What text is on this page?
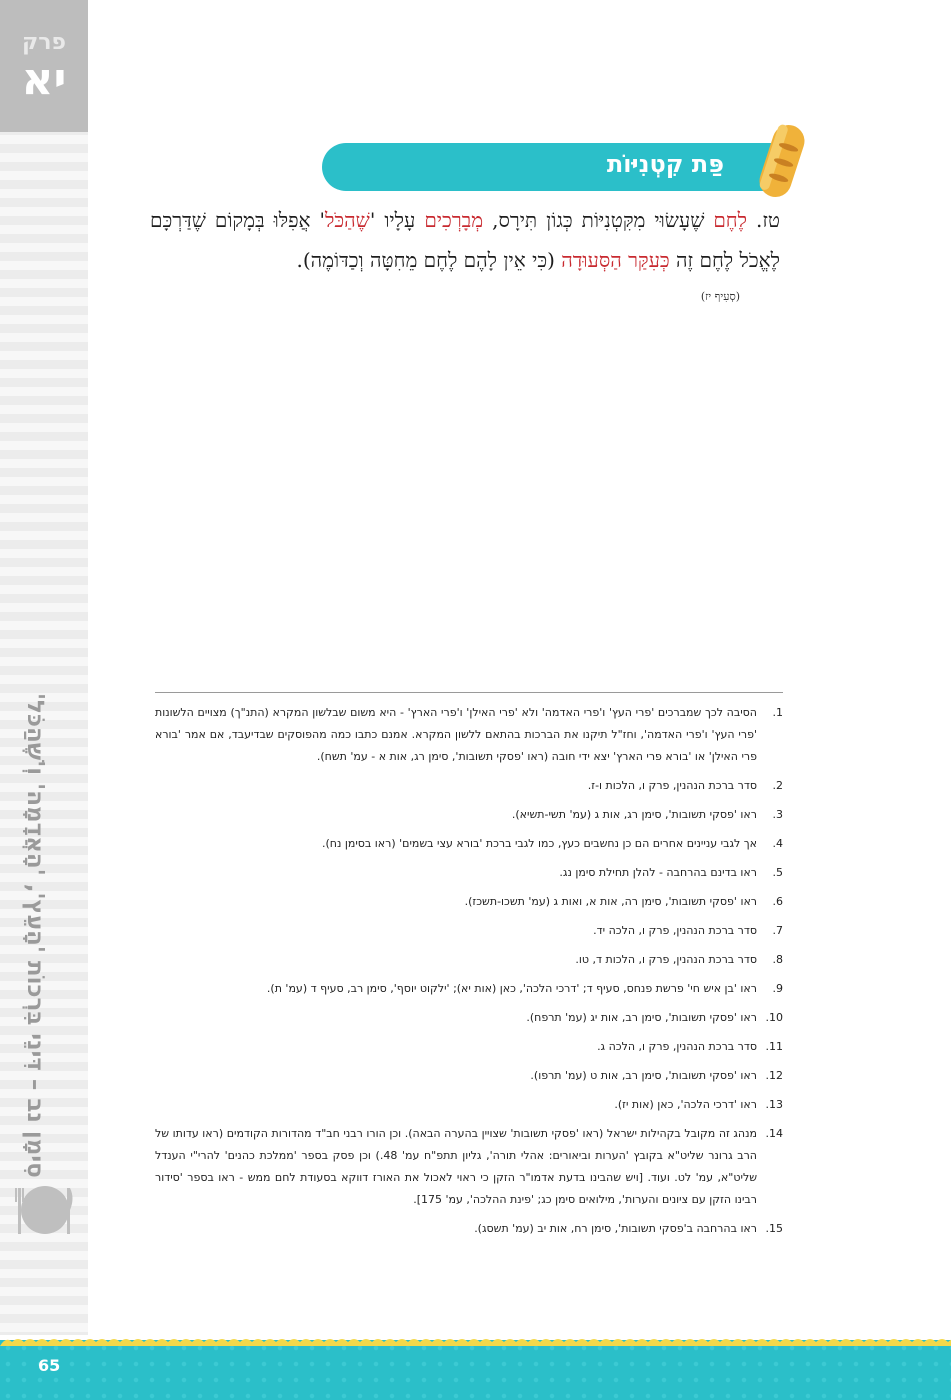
פרק
יא
סִימָן נב – דִּינֵי בִּרְכוֹת 'הָעֵץ', 'הָאֲדָמָה' וְ'שֶׁהַכֹּל'
פַּת קִטְנִיּוֹת
טז. לֶחֶם שֶׁעָשׂוּי מִקִּטְנִיּוֹת כְּגוֹן תִּירָס, מְבָרְכִים עָלָיו 'שֶׁהַכֹּל' אֲפִלּוּ בְּמָקוֹם שֶׁדַּרְכָּם לֶאֱכֹל לֶחֶם זֶה כְּעִקַּר הַסְּעוּדָה (כִּי אֵין לָהֶם לֶחֶם מֵחִטָּה וְכַדּוֹמֶה).
(סְעִיף יז)
1.
הסיבה לכך שמברכים 'פרי העץ' ו'פרי האדמה' ולא 'פרי האילן' ו'פרי הארץ' - היא משום שבלשון המקרא (התנ"ך) מצויים הלשונות 'פרי העץ' ו'פרי האדמה', וחז"ל תיקנו את הברכות בהתאם ללשון המקרא. אמנם כתבו כמה מהפוסקים שבדיעבד, אם אמר 'בורא פרי האילן' או 'בורא פרי הארץ' יצא ידי חובה (ראו 'פסקי תשובות', סימן רג, אות א - עמ' תשח).
2.
סדר ברכת הנהנין, פרק ו, הלכות ו-ז.
3.
ראו 'פסקי תשובות', סימן רג, אות ג (עמ' תשי-תשיא).
4.
אך לגבי עניינים אחרים הם כן נחשבים כעץ, כמו לגבי ברכת 'בורא עצי בשמים' (ראו בסימן נח).
5.
ראו בדינם בהרחבה - להלן תחילת סימן נג.
6.
ראו 'פסקי תשובות', סימן רה, אות א, ואות ג (עמ' תשכו-תשכז).
7.
סדר ברכת הנהנין, פרק ו, הלכה יד.
8.
סדר ברכת הנהנין, פרק ו, הלכות ד, טו.
9.
ראו 'בן איש חי' פרשת פנחס, סעיף ד; 'דרכי הלכה', כאן (אות יא); 'ילקוט יוסף', סימן רב, סעיף ד (עמ' ת).
10.
ראו 'פסקי תשובות', סימן רב, אות יג (עמ' תרפח).
11.
סדר ברכת הנהנין, פרק ו, הלכה ג.
12.
ראו 'פסקי תשובות', סימן רב, אות ט (עמ' תרפו).
13.
ראו 'דרכי הלכה', כאן (אות יז).
14.
מנהג זה מקובל בקהילות ישראל (ראו 'פסקי תשובות' שצויין בהערה הבאה). וכן הורו רבני חב"ד מהדורות הקודמים (ראו עדותו של הרב גרונר שליט"א בקובץ 'הערות וביאורים: אהלי תורה', גליון תתפ"ח עמ' 48.) וכן פסק בספר 'ממלכת כהנים' להרי"י הענדל שליט"א, עמ' לט. ועוד. [ויש שהבינו בדעת אדמו"ר הזקן כי ראוי לאכול את האורז דווקא בסעודת לחם ממש - ראו בספר 'סידור רבינו הזקן עם ציונים והערות', מילואים סימן כג; 'פינת ההלכה', עמ' 175].
15.
ראו בהרחבה ב'פסקי תשובות', סימן רח, אות יב (עמ' תשסג).
65
